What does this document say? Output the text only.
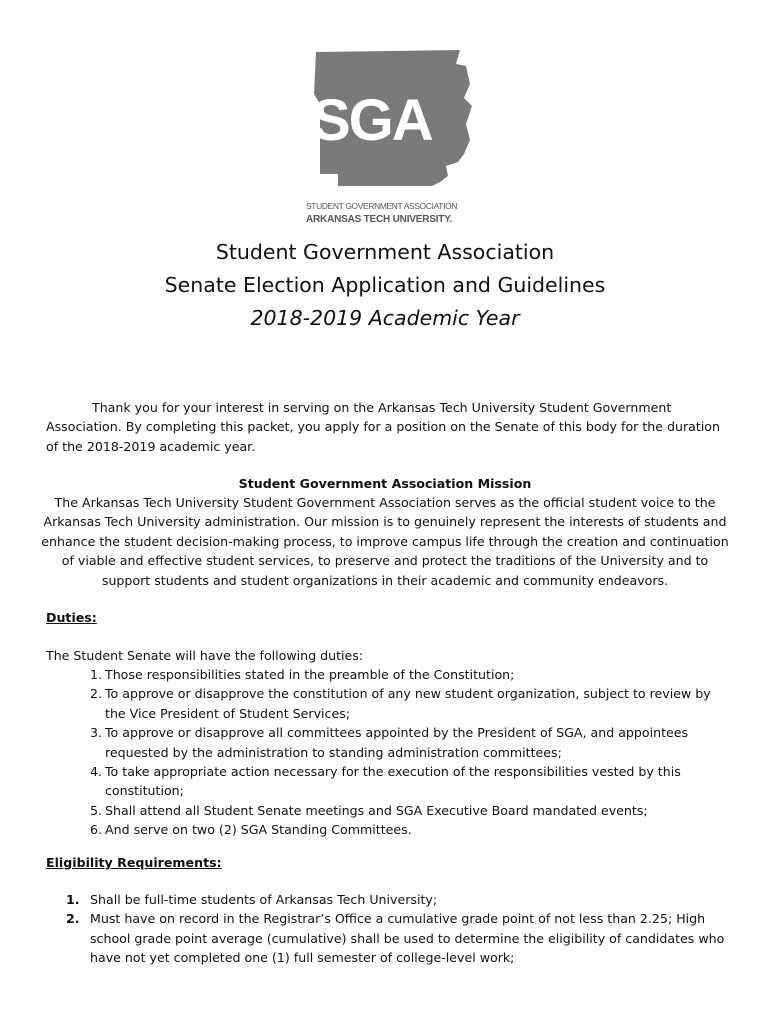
SGA
STUDENT GOVERNMENT ASSOCIATION
ARKANSAS TECH UNIVERSITY.
Student Government Association
Senate Election Application and Guidelines
2018-2019 Academic Year
Thank you for your interest in serving on the Arkansas Tech University Student Government Association. By completing this packet, you apply for a position on the Senate of this body for the duration of the 2018-2019 academic year.
Student Government Association Mission
The Arkansas Tech University Student Government Association serves as the official student voice to the Arkansas Tech University administration. Our mission is to genuinely represent the interests of students and enhance the student decision-making process, to improve campus life through the creation and continuation of viable and effective student services, to preserve and protect the traditions of the University and to support students and student organizations in their academic and community endeavors.
Duties:
The Student Senate will have the following duties:
1. Those responsibilities stated in the preamble of the Constitution;
2. To approve or disapprove the constitution of any new student organization, subject to review by the Vice President of Student Services;
3. To approve or disapprove all committees appointed by the President of SGA, and appointees requested by the administration to standing administration committees;
4. To take appropriate action necessary for the execution of the responsibilities vested by this constitution;
5. Shall attend all Student Senate meetings and SGA Executive Board mandated events;
6. And serve on two (2) SGA Standing Committees.
Eligibility Requirements:
1. Shall be full-time students of Arkansas Tech University;
2. Must have on record in the Registrar’s Office a cumulative grade point of not less than 2.25; High school grade point average (cumulative) shall be used to determine the eligibility of candidates who have not yet completed one (1) full semester of college-level work;
